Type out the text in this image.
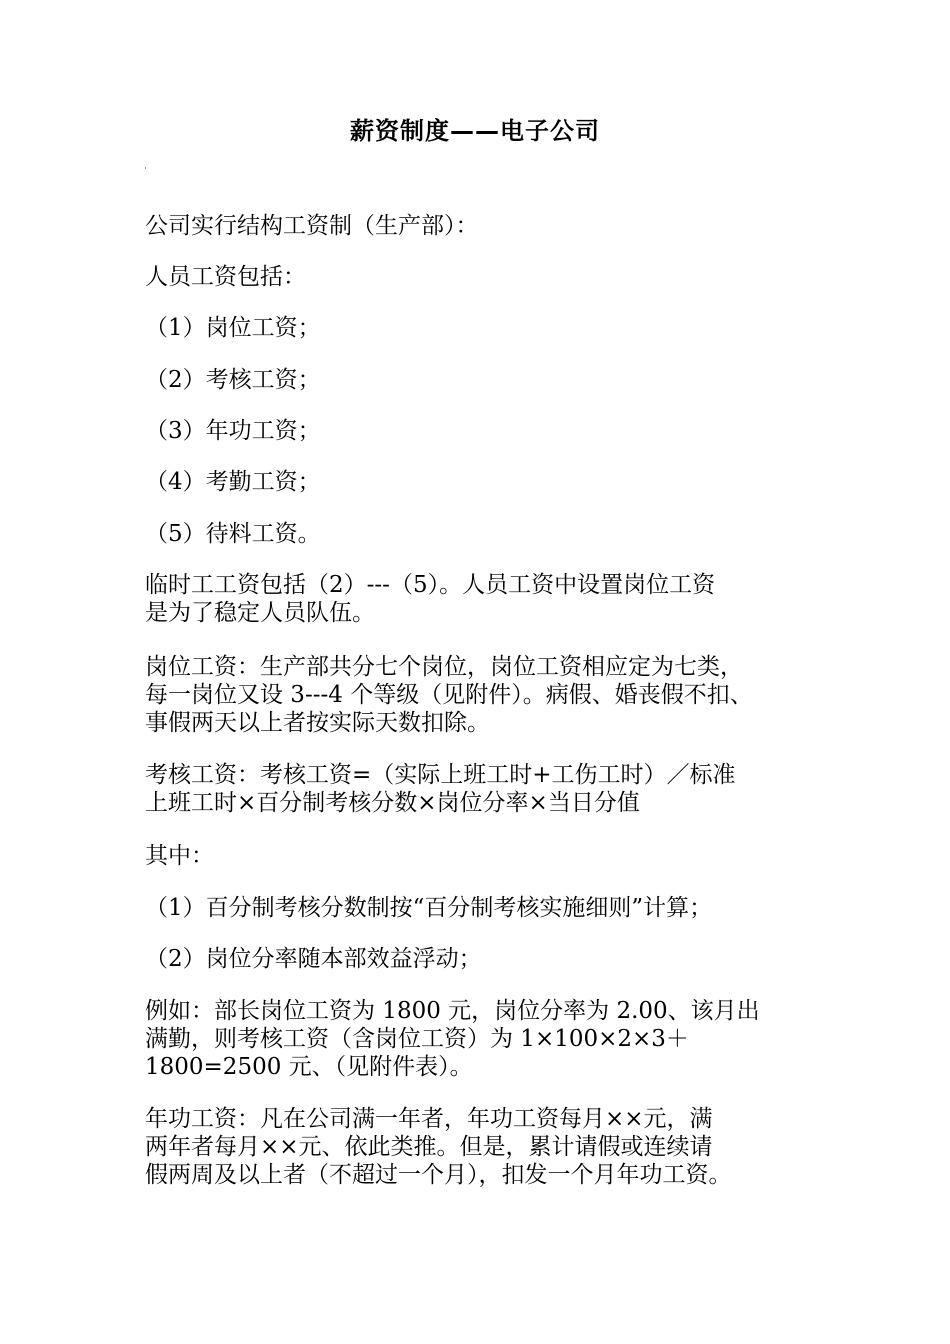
薪资制度——电子公司

公司实行结构工资制（生产部）：

人员工资包括：

（1）岗位工资；

（2）考核工资；

（3）年功工资；

（4）考勤工资；

（5）待料工资。

临时工工资包括（2）---（5）。人员工资中设置岗位工资
是为了稳定人员队伍。

岗位工资：生产部共分七个岗位，岗位工资相应定为七类，
每一岗位又设 3---4 个等级（见附件）。病假、婚丧假不扣、
事假两天以上者按实际天数扣除。

考核工资：考核工资=（实际上班工时+工伤工时）／标准
上班工时×百分制考核分数×岗位分率×当日分值

其中：

（1）百分制考核分数制按“百分制考核实施细则”计算；

（2）岗位分率随本部效益浮动；

例如：部长岗位工资为 1800 元，岗位分率为 2.00、该月出
满勤，则考核工资（含岗位工资）为 1×100×2×3＋
1800=2500 元、（见附件表）。

年功工资：凡在公司满一年者，年功工资每月××元，满
两年者每月××元、依此类推。但是，累计请假或连续请
假两周及以上者（不超过一个月），扣发一个月年功工资。
